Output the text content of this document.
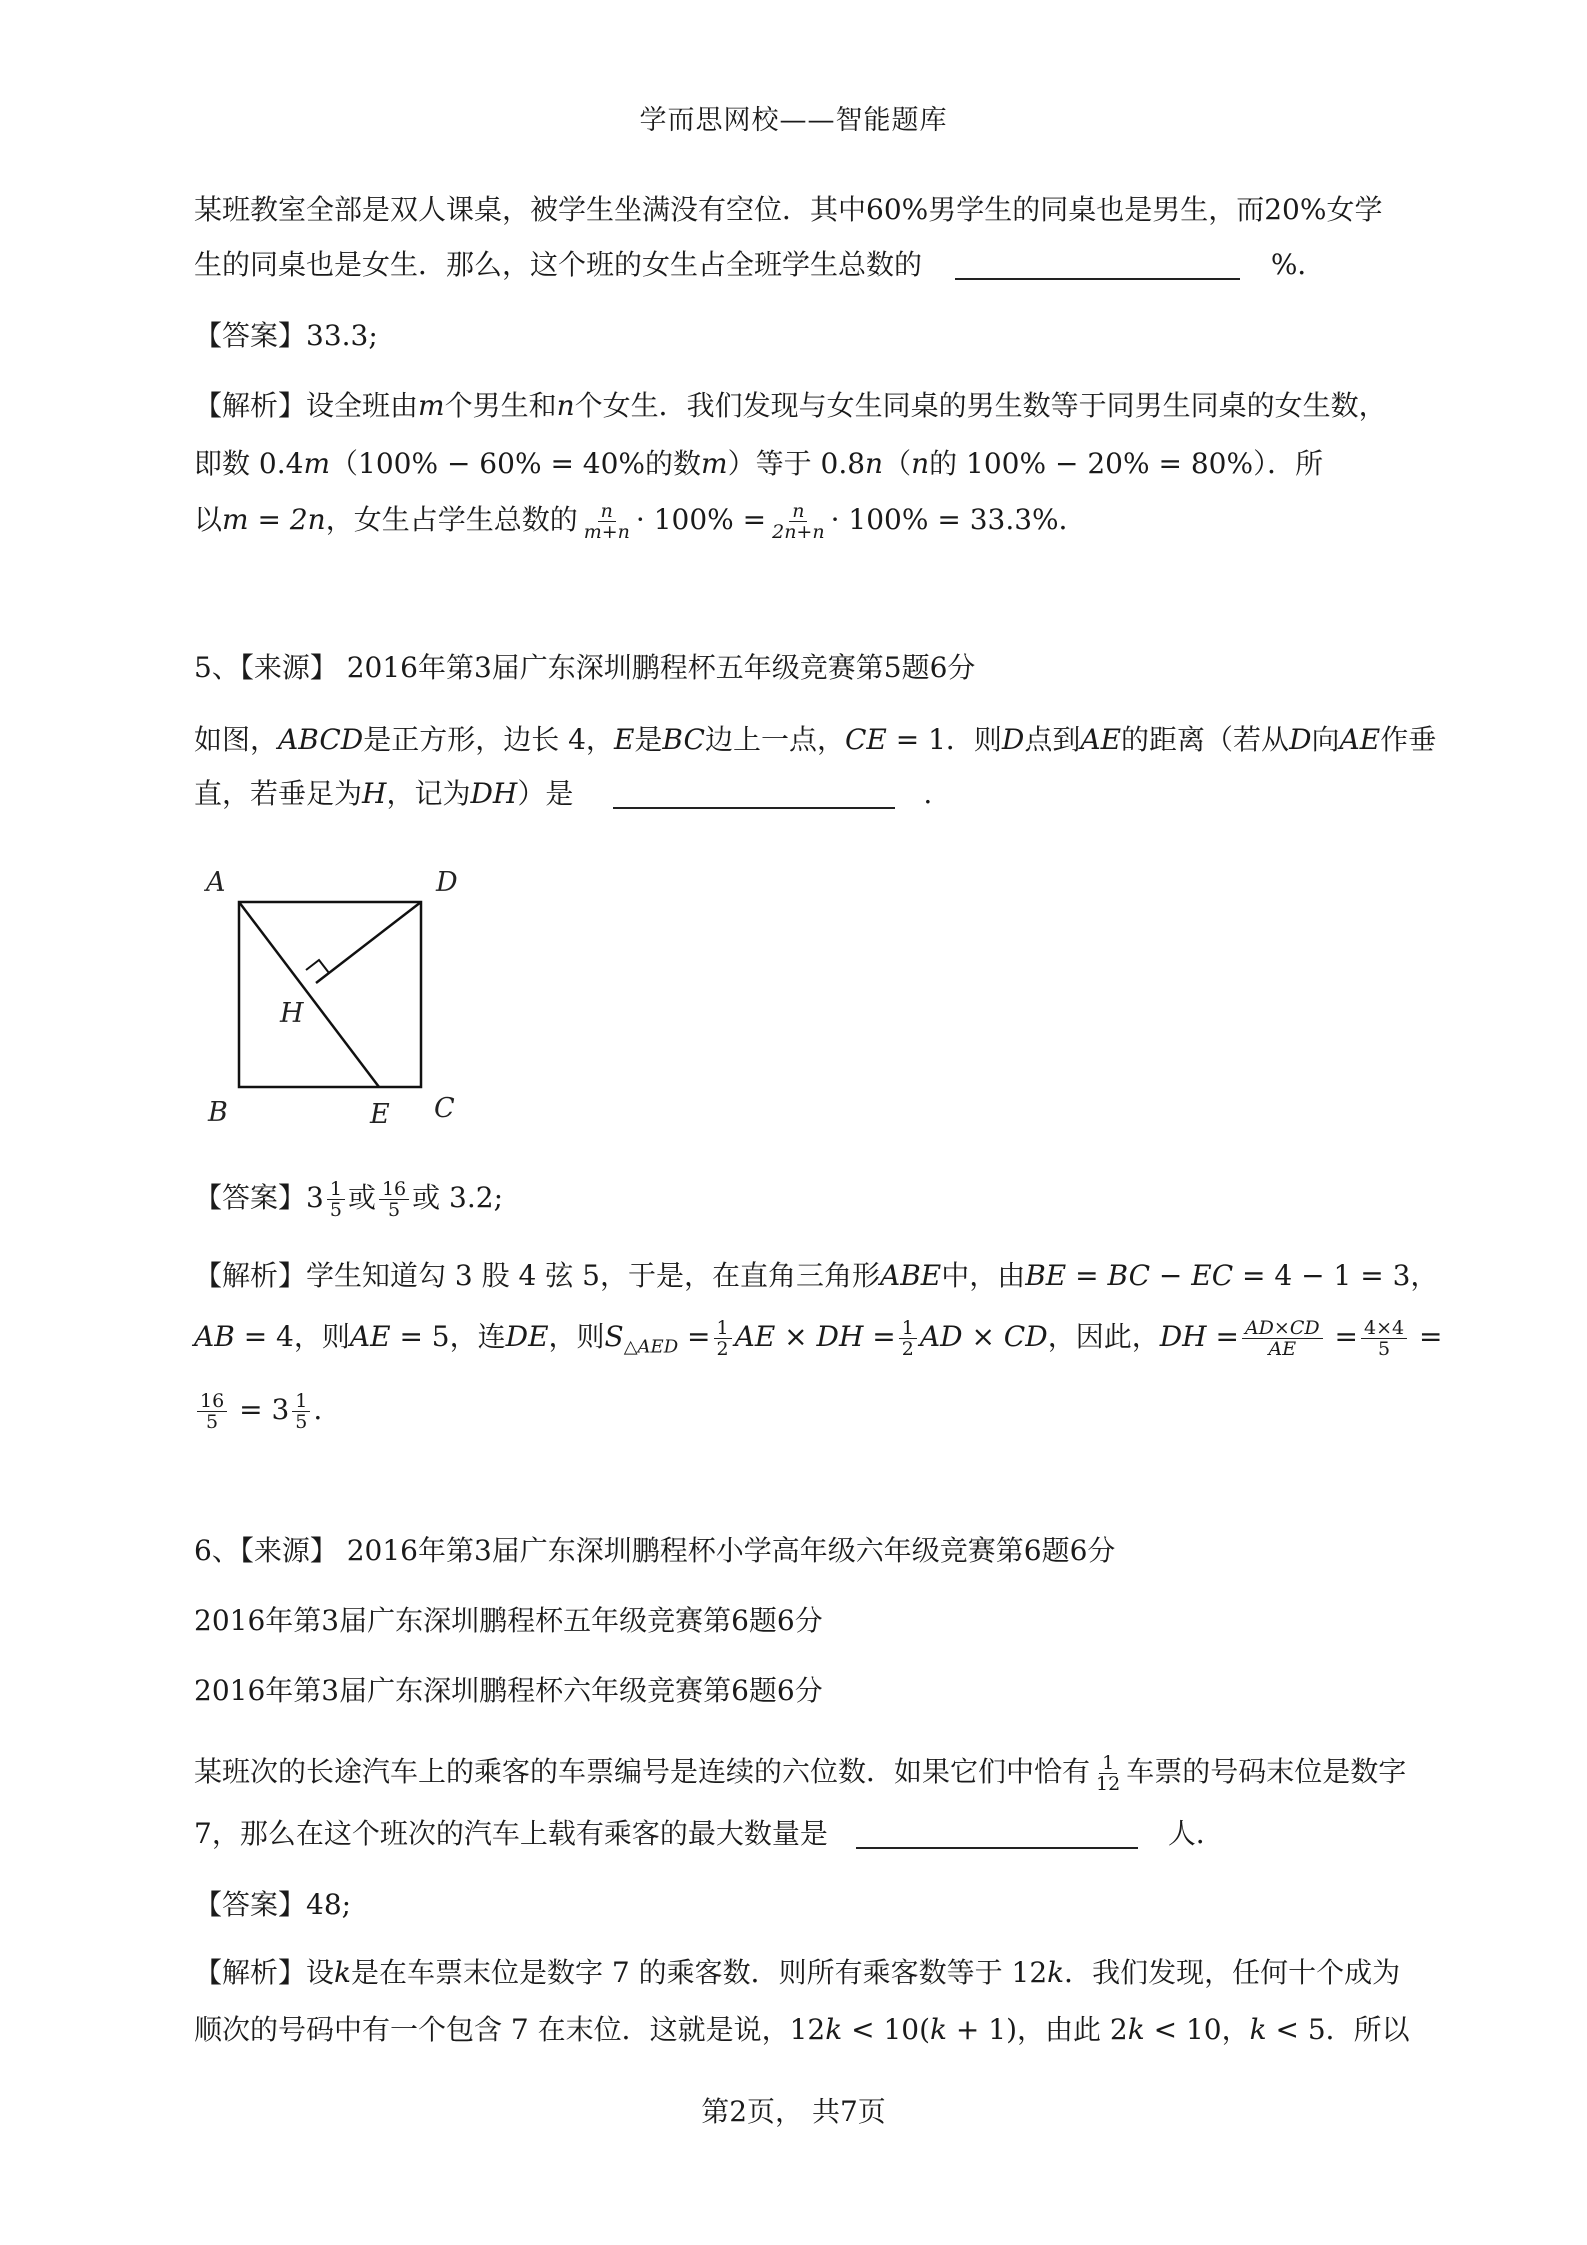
学而思网校——智能题库
某班教室全部是双人课桌，被学生坐满没有空位．其中60%男学生的同桌也是男生，而20%女学
生的同桌也是女生．那么，这个班的女生占全班学生总数的	%．
【答案】33.3;
【解析】设全班由m个男生和n个女生．我们发现与女生同桌的男生数等于同男生同桌的女生数，
即数 0.4m（100% − 60% = 40%的数m）等于 0.8n（n的 100% − 20% = 80%）．所
以m = 2n，女生占学生总数的 $\frac{n}{m+n} \cdot 100\% = \frac{n}{2n+n} \cdot 100\% = 33.3\%$．
5、【来源】 2016年第3届广东深圳鹏程杯五年级竞赛第5题6分
如图，ABCD是正方形，边长 4，E是BC边上一点，CE = 1．则D点到AE的距离（若从D向AE作垂
直，若垂足为H，记为DH）是	.
【答案】$3 \frac{1}{5}$ 或 $\frac{16}{5}$ 或 3.2;
【解析】学生知道勾 3 股 4 弦 5，于是，在直角三角形ABE中，由BE = BC − EC = 4 − 1 = 3，
AB = 4，则AE = 5，连DE，则$S_{\triangle AED} = \frac{1}{2}$ AE × DH = $\frac{1}{2}$ AD × CD，因此，DH = $\frac{AD\times CD}{AE} = \frac{4\times 4}{5}$ =
$\frac{16}{5} = 3 \frac{1}{5}$ .
6、【来源】 2016年第3届广东深圳鹏程杯小学高年级六年级竞赛第6题6分
2016年第3届广东深圳鹏程杯五年级竞赛第6题6分
2016年第3届广东深圳鹏程杯六年级竞赛第6题6分
某班次的长途汽车上的乘客的车票编号是连续的六位数．如果它们中恰有 $\frac{1}{12}$ 车票的号码末位是数字
7，那么在这个班次的汽车上载有乘客的最大数量是	人．
【答案】48;
【解析】设k是在车票末位是数字 7 的乘客数．则所有乘客数等于 12k．我们发现，任何十个成为
顺次的号码中有一个包含 7 在末位．这就是说，12k < 10(k + 1)，由此 2k < 10，k < 5．所以
A	D
B	C
E
H
第2页， 共7页
